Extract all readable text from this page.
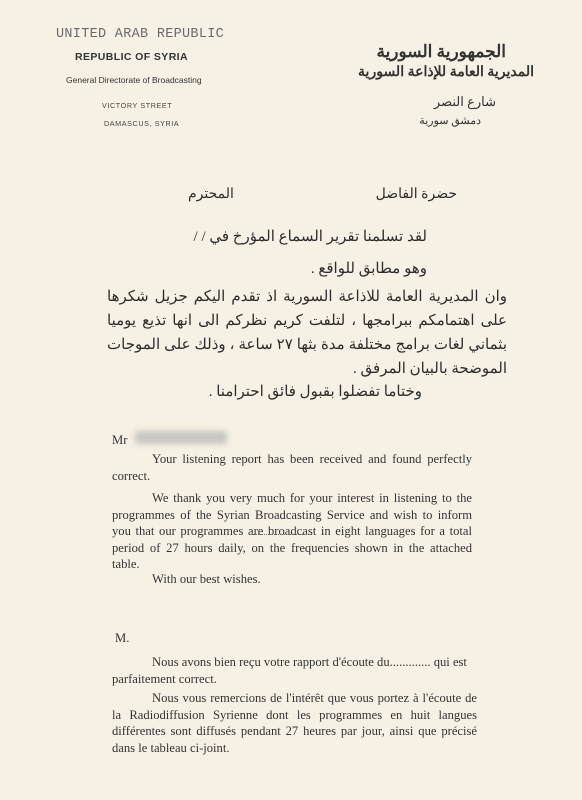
UNITED ARAB REPUBLIC
REPUBLIC OF SYRIA
General Directorate of Broadcasting
VICTORY STREET
DAMASCUS, SYRIA
الجمهورية السورية
المديرية العامة للإذاعة السورية
شارع النصر
دمشق سورية
المحترم	حضرة الفاضل
لقد تسلمنا تقرير السماع المؤرخ في / /
وهو مطابق للواقع .
وان المديرية العامة للاذاعة السورية اذ تقدم اليكم جزيل شكرها على اهتمامكم ببرامجها ، لتلفت كريم نظركم الى انها تذيع يوميا بثماني لغات برامج مختلفة مدة بثها ٢٧ ساعة ، وذلك على الموجات الموضحة بالبيان المرفق .
وختاما تفضلوا بقبول فائق احترامنا .
Mr
Your listening report has been received and found perfectly correct.
We thank you very much for your interest in listening to the programmes of the Syrian Broadcasting Service and wish to inform you that our programmes are broadcast in eight languages for a total period of 27 hours daily, on the frequencies shown in the attached table.
With our best wishes.
M.
Nous avons bien reçu votre rapport d'écoute du............. qui est parfaitement correct.
Nous vous remercions de l'intérêt que vous portez à l'écoute de la Radiodiffusion Syrienne dont les programmes en huit langues différentes sont diffusés pendant 27 heures par jour, ainsi que précisé dans le tableau ci-joint.
